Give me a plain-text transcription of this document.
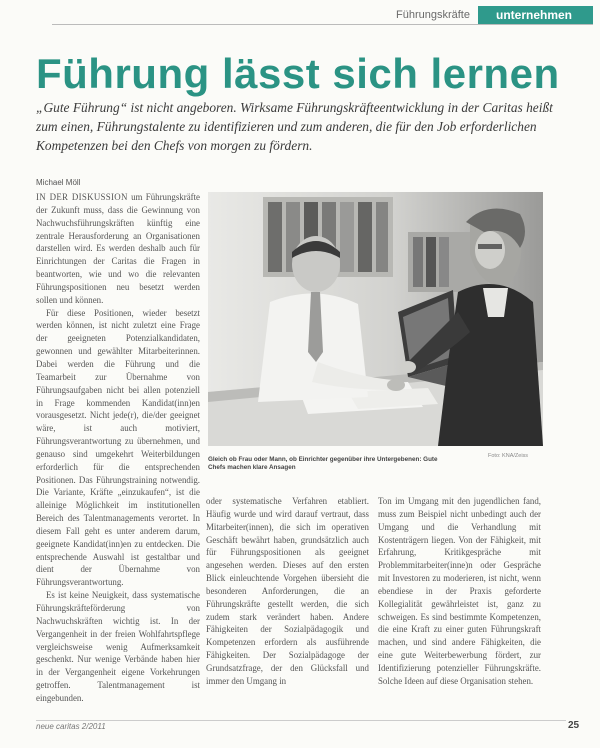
Führungskräfte	unternehmen
Führung lässt sich lernen

„Gute Führung“ ist nicht angeboren. Wirksame Führungskräfteentwicklung in der Caritas heißt zum einen, Führungstalente zu identifizieren und zum anderen, die für den Job erforderlichen Kompetenzen bei den Chefs von morgen zu fördern.

Michael Möll

IN DER DISKUSSION um Führungskräfte der Zukunft muss, dass die Gewinnung von Nachwuchsführungskräften künftig eine zentrale Herausforderung an Organisationen darstellen wird. Es werden deshalb auch für Einrichtungen der Caritas die Fragen in beantworten, wie und wo die relevanten Führungspositionen neu besetzt werden sollen und können.

Für diese Positionen, wieder besetzt werden können, ist nicht zuletzt eine Frage der geeigneten Potenzialkandidaten, gewonnen und gewählter Mitarbeiterinnen. Dabei werden die Führung und die Teamarbeit zur Übernahme von Führungsaufgaben nicht bei allen potenziell in Frage kommenden Kandidat(inn)en vorausgesetzt. Nicht jede(r), die/der geeignet wäre, ist auch motiviert, Führungsverantwortung zu übernehmen, und genauso sind umgekehrt Weiterbildungen erforderlich für die entsprechenden Positionen. Das Führungstraining notwendig. Die Variante, Kräfte „einzukaufen“, ist die alleinige Möglichkeit im institutionellen Bereich des Talentmanagements verortet. In diesem Fall geht es unter anderem darum, geeignete Kandidat(inn)en zu entdecken. Die entsprechende Auswahl ist gestaltbar und dient der Übernahme von Führungsverantwortung.

Es ist keine Neuigkeit, dass systematische Führungskräfteförderung von Nachwuchskräften wichtig ist. In der Vergangenheit in der freien Wohlfahrtspflege vergleichsweise wenig Aufmerksamkeit geschenkt. Nur wenige Verbände haben hier in der Vergangenheit eigene Vorkehrungen getroffen. Talentmanagement ist eingebunden.

Gleich ob Frau oder Mann, ob Einrichter gegenüber ihre Untergebenen: Gute Chefs machen klare Ansagen
Foto: KNA/Zeiss

oder systematische Verfahren etabliert. Häufig wurde und wird darauf vertraut, dass Mitarbeiter(innen), die sich im operativen Geschäft bewährt haben, grundsätzlich auch für Führungspositionen als geeignet angesehen werden. Dieses auf den ersten Blick einleuchtende Vorgehen übersieht die besonderen Anforderungen, die an Führungskräfte gestellt werden, die sich zudem stark verändert haben. Andere Fähigkeiten der Sozialpädagogik und Kompetenzen erfordern als ausführende Fähigkeiten. Der Sozialpädagoge der Grundsatzfrage, der den Glücksfall und immer den Umgang in

Ton im Umgang mit den jugendlichen fand, muss zum Beispiel nicht unbedingt auch der Umgang und die Verhandlung mit Kostenträgern liegen. Von der Fähigkeit, mit Erfahrung, Kritikgespräche mit Problemmitarbeiter(inne)n oder Gespräche mit Investoren zu moderieren, ist nicht, wenn ebendiese in der Praxis geforderte Kollegialität gewährleistet ist, ganz zu schweigen. Es sind bestimmte Kompetenzen, die eine Kraft zu einer guten Führungskraft machen, und sind andere Fähigkeiten, die eine gute Weiterbewerbung fördert, zur Identifizierung potenzieller Führungskräfte. Solche Ideen auf diese Organisation stehen.

neue caritas 2/2011	25
